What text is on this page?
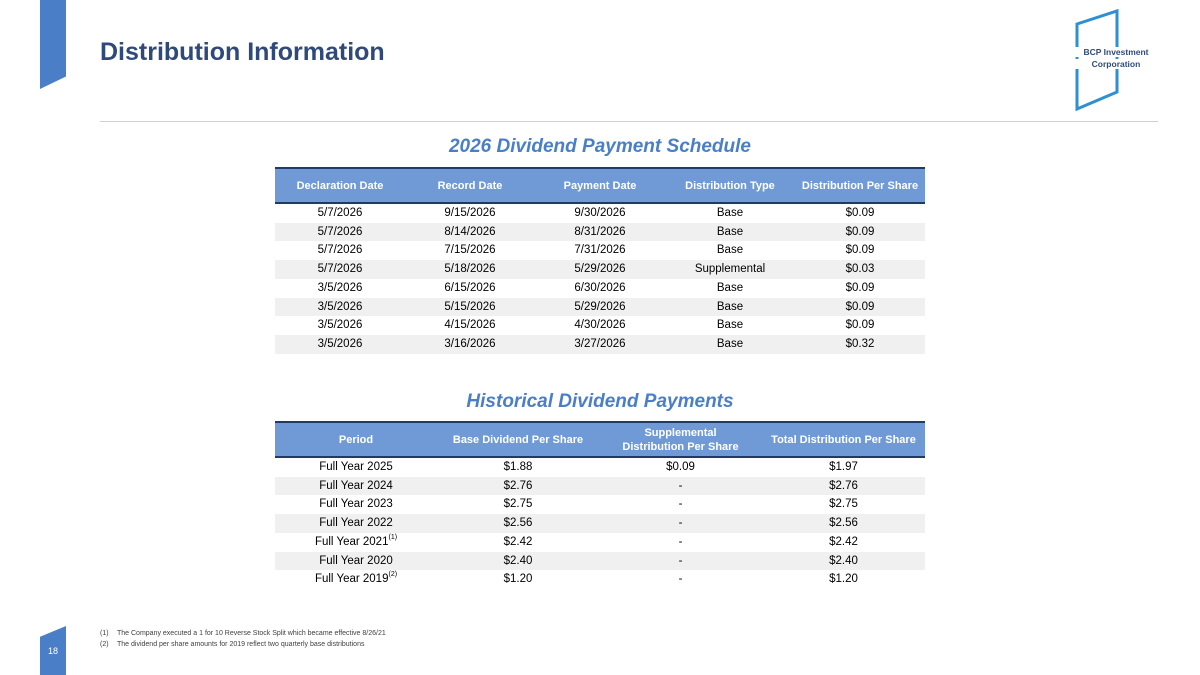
18
Distribution Information	BCP Investment
Corporation
2026 Dividend Payment Schedule
Declaration Date	Record Date	Payment Date	Distribution Type	Distribution Per Share
5/7/2026	9/15/2026	9/30/2026	Base	$0.09
5/7/2026	8/14/2026	8/31/2026	Base	$0.09
5/7/2026	7/15/2026	7/31/2026	Base	$0.09
5/7/2026	5/18/2026	5/29/2026	Supplemental	$0.03
3/5/2026	6/15/2026	6/30/2026	Base	$0.09
3/5/2026	5/15/2026	5/29/2026	Base	$0.09
3/5/2026	4/15/2026	4/30/2026	Base	$0.09
3/5/2026	3/16/2026	3/27/2026	Base	$0.32
Historical Dividend Payments
Period	Base Dividend Per Share	Supplemental Distribution Per Share	Total Distribution Per Share
Full Year 2025	$1.88	$0.09	$1.97
Full Year 2024	$2.76	-	$2.76
Full Year 2023	$2.75	-	$2.75
Full Year 2022	$2.56	-	$2.56
Full Year 2021$^{(1)}$	$2.42	-	$2.42
Full Year 2020	$2.40	-	$2.40
Full Year 2019$^{(2)}$	$1.20	-	$1.20
(1)	The Company executed a 1 for 10 Reverse Stock Split which became effective 8/26/21
(2)	The dividend per share amounts for 2019 reflect two quarterly base distributions
